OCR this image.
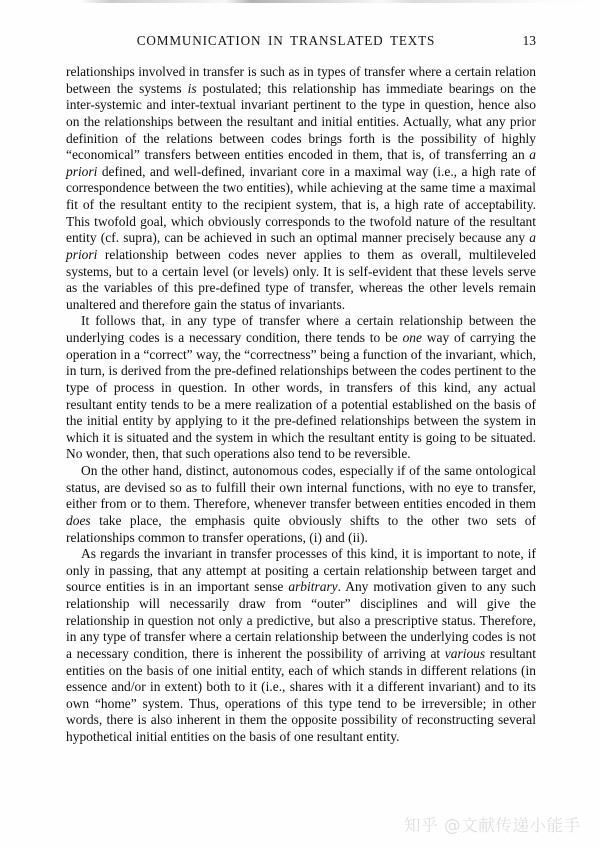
COMMUNICATION IN TRANSLATED TEXTS	13

relationships involved in transfer is such as in types of transfer where a certain relation between the systems is postulated; this relationship has immediate bearings on the inter-systemic and inter-textual invariant pertinent to the type in question, hence also on the relationships between the resultant and initial entities. Actually, what any prior definition of the relations between codes brings forth is the possibility of highly “economical” transfers between entities encoded in them, that is, of transferring an a priori defined, and well-defined, invariant core in a maximal way (i.e., a high rate of correspondence between the two entities), while achieving at the same time a maximal fit of the resultant entity to the recipient system, that is, a high rate of acceptability. This twofold goal, which obviously corresponds to the twofold nature of the resultant entity (cf. supra), can be achieved in such an optimal manner precisely because any a priori relationship between codes never applies to them as overall, multileveled systems, but to a certain level (or levels) only. It is self-evident that these levels serve as the variables of this pre-defined type of transfer, whereas the other levels remain unaltered and therefore gain the status of invariants.

It follows that, in any type of transfer where a certain relationship between the underlying codes is a necessary condition, there tends to be one way of carrying the operation in a “correct” way, the “correctness” being a function of the invariant, which, in turn, is derived from the pre-defined relationships between the codes pertinent to the type of process in question. In other words, in transfers of this kind, any actual resultant entity tends to be a mere realization of a potential established on the basis of the initial entity by applying to it the pre-defined relationships between the system in which it is situated and the system in which the resultant entity is going to be situated. No wonder, then, that such operations also tend to be reversible.

On the other hand, distinct, autonomous codes, especially if of the same ontological status, are devised so as to fulfill their own internal functions, with no eye to transfer, either from or to them. Therefore, whenever transfer between entities encoded in them does take place, the emphasis quite obviously shifts to the other two sets of relationships common to transfer operations, (i) and (ii).

As regards the invariant in transfer processes of this kind, it is important to note, if only in passing, that any attempt at positing a certain relationship between target and source entities is in an important sense arbitrary. Any motivation given to any such relationship will necessarily draw from “outer” disciplines and will give the relationship in question not only a predictive, but also a prescriptive status. Therefore, in any type of transfer where a certain relationship between the underlying codes is not a necessary condition, there is inherent the possibility of arriving at various resultant entities on the basis of one initial entity, each of which stands in different relations (in essence and/or in extent) both to it (i.e., shares with it a different invariant) and to its own “home” system. Thus, operations of this type tend to be irreversible; in other words, there is also inherent in them the opposite possibility of reconstructing several hypothetical initial entities on the basis of one resultant entity.

知乎 @文献传递小能手
